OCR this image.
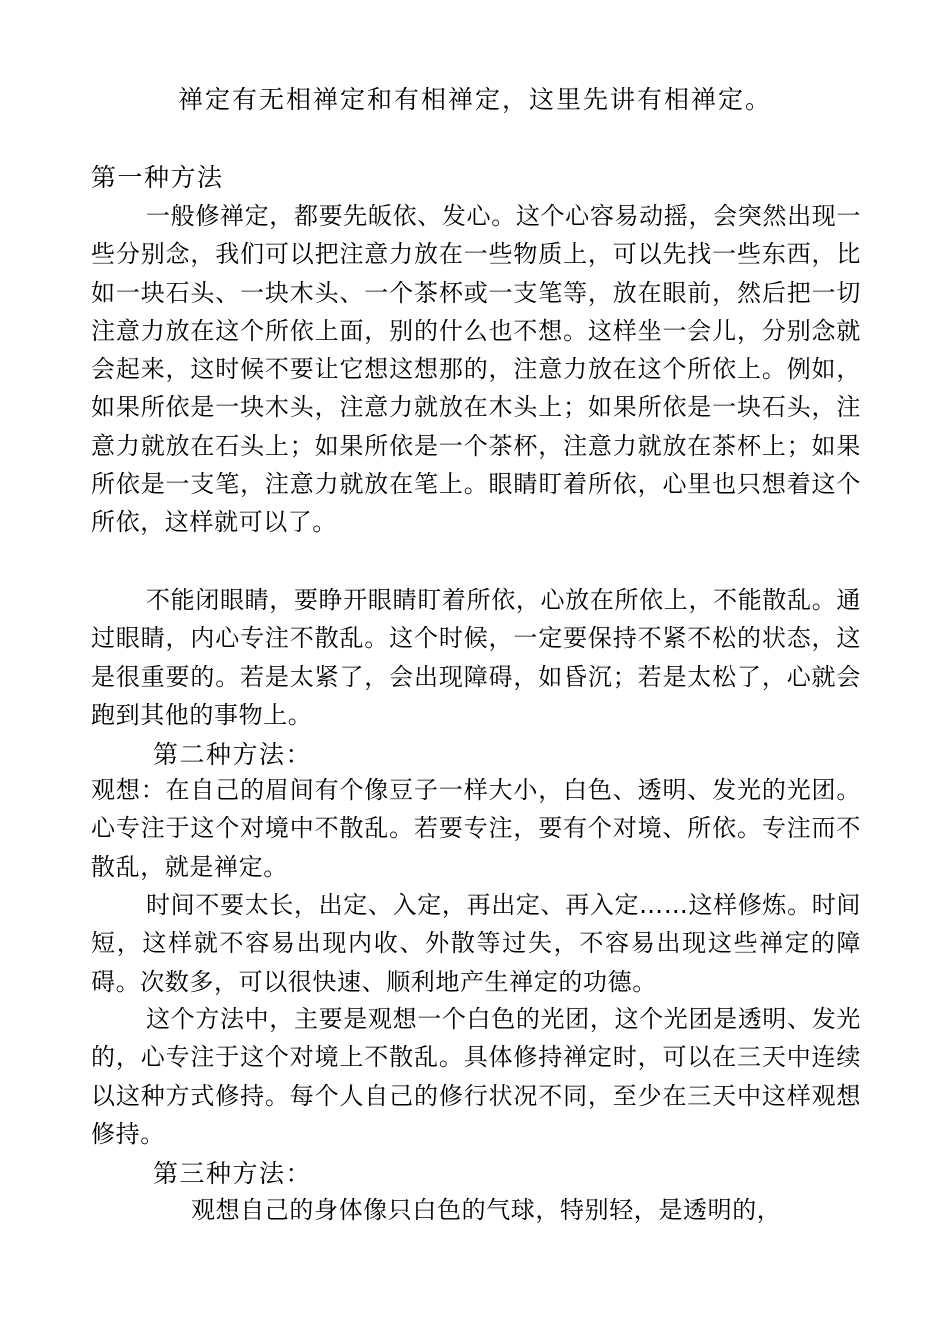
禅定有无相禅定和有相禅定，这里先讲有相禅定。
第一种方法
一般修禅定，都要先皈依、发心。这个心容易动摇，会突然出现一些分别念，我们可以把注意力放在一些物质上，可以先找一些东西，比如一块石头、一块木头、一个茶杯或一支笔等，放在眼前，然后把一切注意力放在这个所依上面，别的什么也不想。这样坐一会儿，分别念就会起来，这时候不要让它想这想那的，注意力放在这个所依上。例如，如果所依是一块木头，注意力就放在木头上；如果所依是一块石头，注意力就放在石头上；如果所依是一个茶杯，注意力就放在茶杯上；如果所依是一支笔，注意力就放在笔上。眼睛盯着所依，心里也只想着这个所依，这样就可以了。
不能闭眼睛，要睁开眼睛盯着所依，心放在所依上，不能散乱。通过眼睛，内心专注不散乱。这个时候，一定要保持不紧不松的状态，这是很重要的。若是太紧了，会出现障碍，如昏沉；若是太松了，心就会跑到其他的事物上。
第二种方法：
观想：在自己的眉间有个像豆子一样大小，白色、透明、发光的光团。心专注于这个对境中不散乱。若要专注，要有个对境、所依。专注而不散乱，就是禅定。
时间不要太长，出定、入定，再出定、再入定……这样修炼。时间短，这样就不容易出现内收、外散等过失，不容易出现这些禅定的障碍。次数多，可以很快速、顺利地产生禅定的功德。
这个方法中，主要是观想一个白色的光团，这个光团是透明、发光的，心专注于这个对境上不散乱。具体修持禅定时，可以在三天中连续以这种方式修持。每个人自己的修行状况不同，至少在三天中这样观想修持。
第三种方法：
观想自己的身体像只白色的气球，特别轻，是透明的，
